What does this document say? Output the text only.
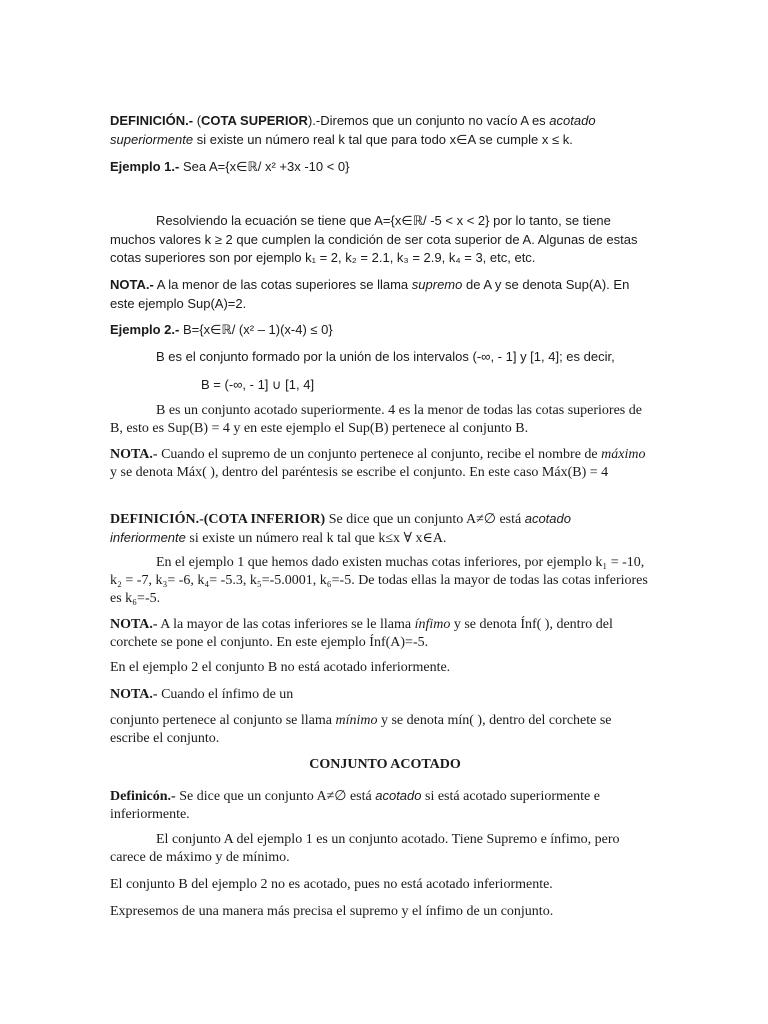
DEFINICIÓN.- (COTA SUPERIOR).-Diremos que un conjunto no vacío A es acotado superiormente si existe un número real k tal que para todo x∈A se cumple x ≤ k.

Ejemplo 1.- Sea A={x∈ℝ/ x² +3x -10 < 0}

Resolviendo la ecuación se tiene que A={x∈ℝ/ -5 < x < 2} por lo tanto, se tiene muchos valores k ≥ 2 que cumplen la condición de ser cota superior de A. Algunas de estas cotas superiores son por ejemplo k₁ = 2, k₂ = 2.1, k₃ = 2.9, k₄ = 3, etc, etc.

NOTA.- A la menor de las cotas superiores se llama supremo de A y se denota Sup(A). En este ejemplo Sup(A)=2.

Ejemplo 2.- B={x∈ℝ/ (x² – 1)(x-4) ≤ 0}

B es el conjunto formado por la unión de los intervalos (-∞, - 1] y [1, 4]; es decir,

B = (-∞, - 1] ∪ [1, 4]

B es un conjunto acotado superiormente. 4 es la menor de todas las cotas superiores de B, esto es Sup(B) = 4 y en este ejemplo el Sup(B) pertenece al conjunto B.

NOTA.- Cuando el supremo de un conjunto pertenece al conjunto, recibe el nombre de máximo y se denota Máx( ), dentro del paréntesis se escribe el conjunto. En este caso Máx(B) = 4

DEFINICIÓN.-(COTA INFERIOR) Se dice que un conjunto A≠∅ está acotado inferiormente si existe un número real k tal que k≤x ∀ x∈A.

En el ejemplo 1 que hemos dado existen muchas cotas inferiores, por ejemplo k₁ = -10, k₂ = -7, k₃= -6, k₄= -5.3, k₅=-5.0001, k₆=-5. De todas ellas la mayor de todas las cotas inferiores es k₆=-5.

NOTA.- A la mayor de las cotas inferiores se le llama ínfimo y se denota Ínf( ), dentro del corchete se pone el conjunto. En este ejemplo Ínf(A)=-5.

En el ejemplo 2 el conjunto B no está acotado inferiormente.

NOTA.- Cuando el ínfimo de un

conjunto pertenece al conjunto se llama mínimo y se denota mín( ), dentro del corchete se escribe el conjunto.

CONJUNTO ACOTADO

Definicón.- Se dice que un conjunto A≠∅ está acotado si está acotado superiormente e inferiormente.

El conjunto A del ejemplo 1 es un conjunto acotado. Tiene Supremo e ínfimo, pero carece de máximo y de mínimo.

El conjunto B del ejemplo 2 no es acotado, pues no está acotado inferiormente.

Expresemos de una manera más precisa el supremo y el ínfimo de un conjunto.
